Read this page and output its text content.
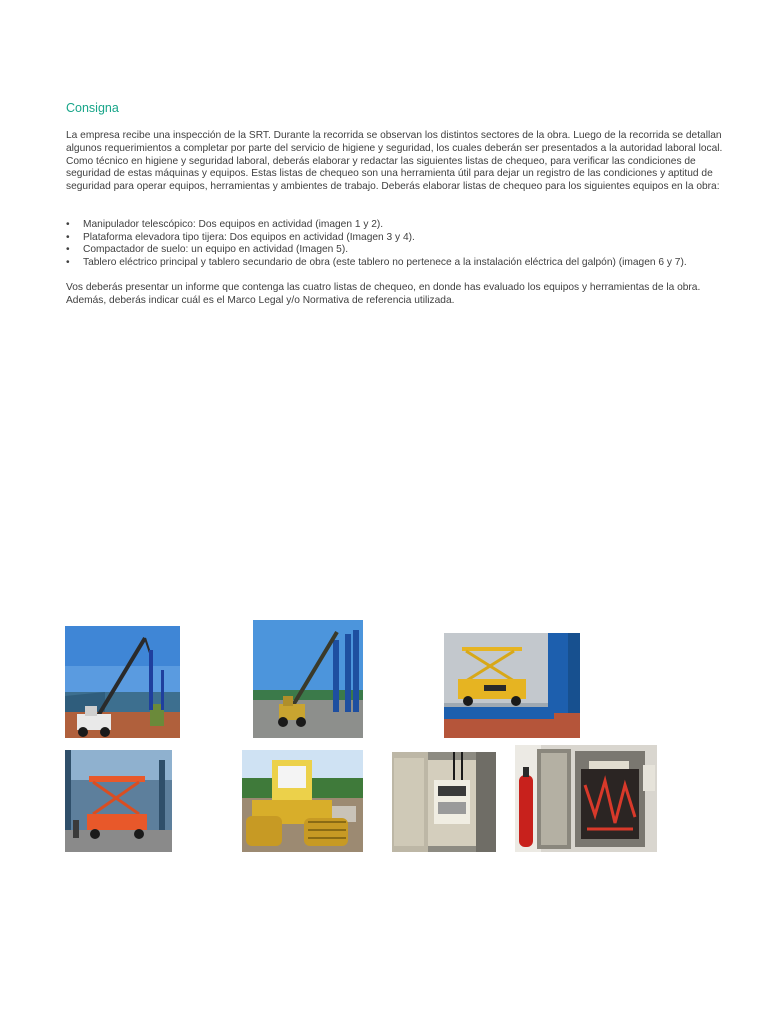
Consigna

La empresa recibe una inspección de la SRT. Durante la recorrida se observan los distintos sectores de la obra. Luego de la recorrida se detallan algunos requerimientos a completar por parte del servicio de higiene y seguridad, los cuales deberán ser presentados a la autoridad laboral local. Como técnico en higiene y seguridad laboral, deberás elaborar y redactar las siguientes listas de chequeo, para verificar las condiciones de seguridad de estas máquinas y equipos. Estas listas de chequeo son una herramienta útil para dejar un registro de las condiciones y aptitud de seguridad para operar equipos, herramientas y ambientes de trabajo. Deberás elaborar listas de chequeo para los siguientes equipos en la obra:

• Manipulador telescópico: Dos equipos en actividad (imagen 1 y 2).
• Plataforma elevadora tipo tijera: Dos equipos en actividad (Imagen 3 y 4).
• Compactador de suelo: un equipo en actividad (Imagen 5).
• Tablero eléctrico principal y tablero secundario de obra (este tablero no pertenece a la instalación eléctrica del galpón) (imagen 6 y 7).

Vos deberás presentar un informe que contenga las cuatro listas de chequeo, en donde has evaluado los equipos y herramientas de la obra. Además, deberás indicar cuál es el Marco Legal y/o Normativa de referencia utilizada.
